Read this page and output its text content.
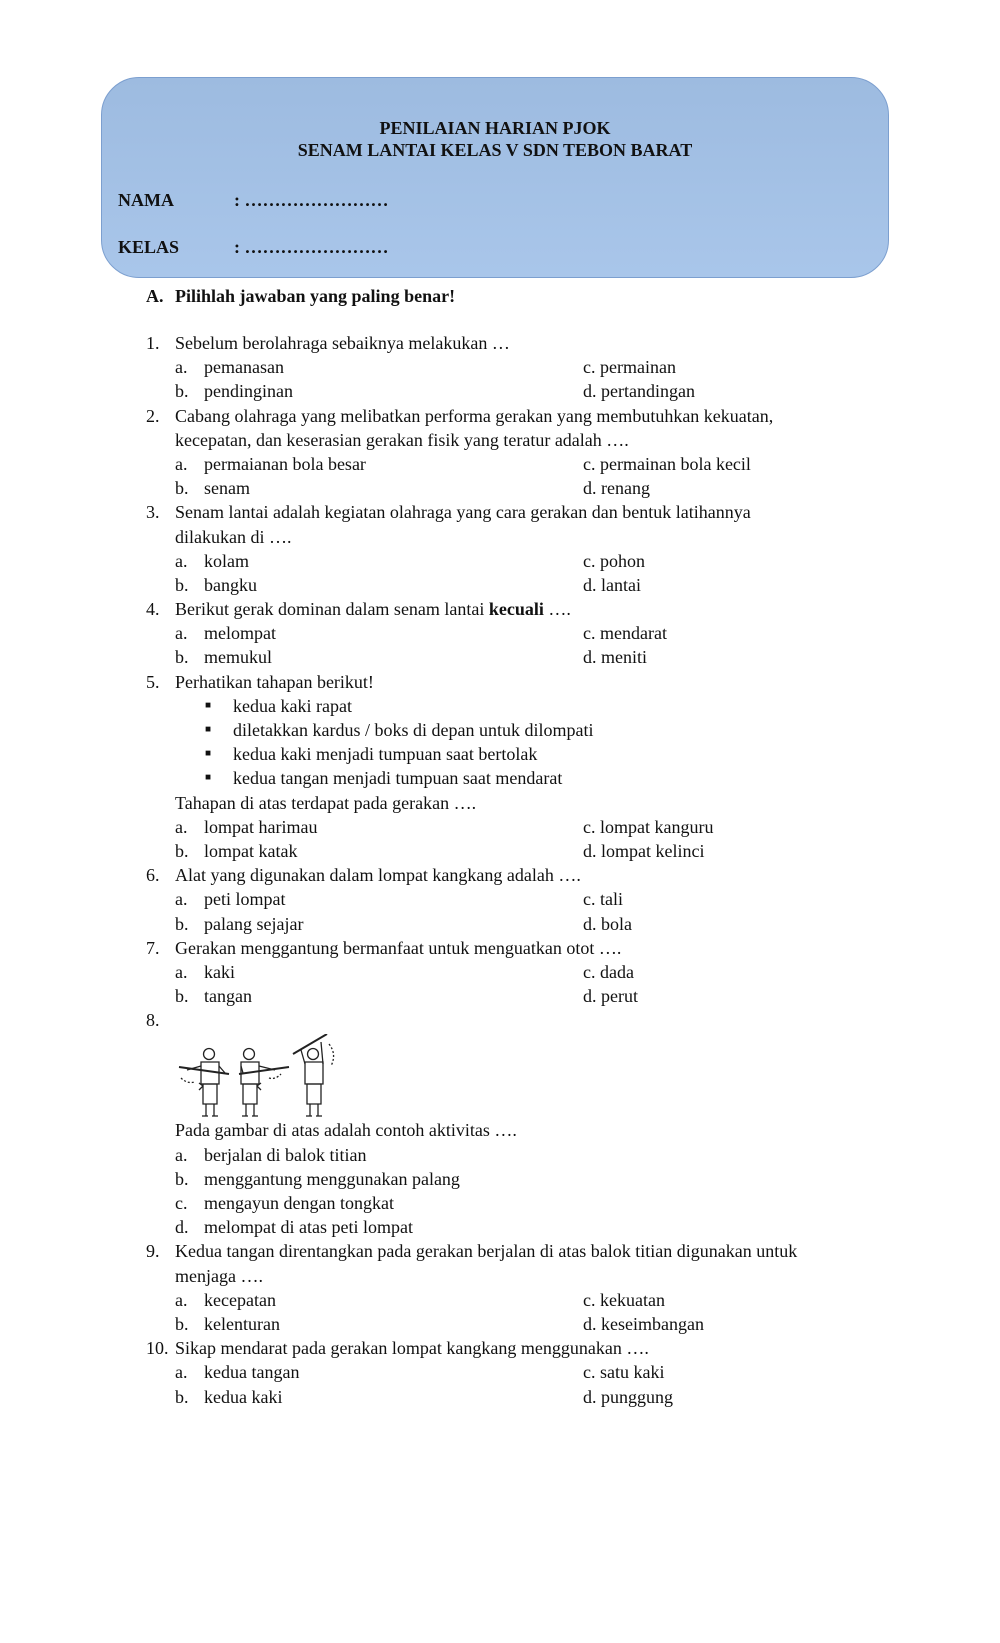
PENILAIAN HARIAN PJOK
SENAM LANTAI KELAS V SDN TEBON BARAT
NAMA	: ……………………
KELAS	: ……………………
A. Pilihlah jawaban yang paling benar!
1. Sebelum berolahraga sebaiknya melakukan …
a. pemanasan	c. permainan
b. pendinginan	d. pertandingan
2. Cabang olahraga yang melibatkan performa gerakan yang membutuhkan kekuatan,
kecepatan, dan keserasian gerakan fisik yang teratur adalah ….
a. permaianan bola besar	c. permainan bola kecil
b. senam	d. renang
3. Senam lantai adalah kegiatan olahraga yang cara gerakan dan bentuk latihannya
dilakukan di ….
a. kolam	c. pohon
b. bangku	d. lantai
4. Berikut gerak dominan dalam senam lantai kecuali ….
a. melompat	c. mendarat
b. memukul	d. meniti
5. Perhatikan tahapan berikut!
■ kedua kaki rapat
■ diletakkan kardus / boks di depan untuk dilompati
■ kedua kaki menjadi tumpuan saat bertolak
■ kedua tangan menjadi tumpuan saat mendarat
Tahapan di atas terdapat pada gerakan ….
a. lompat harimau	c. lompat kanguru
b. lompat katak	d. lompat kelinci
6. Alat yang digunakan dalam lompat kangkang adalah ….
a. peti lompat	c. tali
b. palang sejajar	d. bola
7. Gerakan menggantung bermanfaat untuk menguatkan otot ….
a. kaki	c. dada
b. tangan	d. perut
8.
Pada gambar di atas adalah contoh aktivitas ….
a. berjalan di balok titian
b. menggantung menggunakan palang
c. mengayun dengan tongkat
d. melompat di atas peti lompat
9. Kedua tangan direntangkan pada gerakan berjalan di atas balok titian digunakan untuk
menjaga ….
a. kecepatan	c. kekuatan
b. kelenturan	d. keseimbangan
10. Sikap mendarat pada gerakan lompat kangkang menggunakan ….
a. kedua tangan	c. satu kaki
b. kedua kaki	d. punggung
